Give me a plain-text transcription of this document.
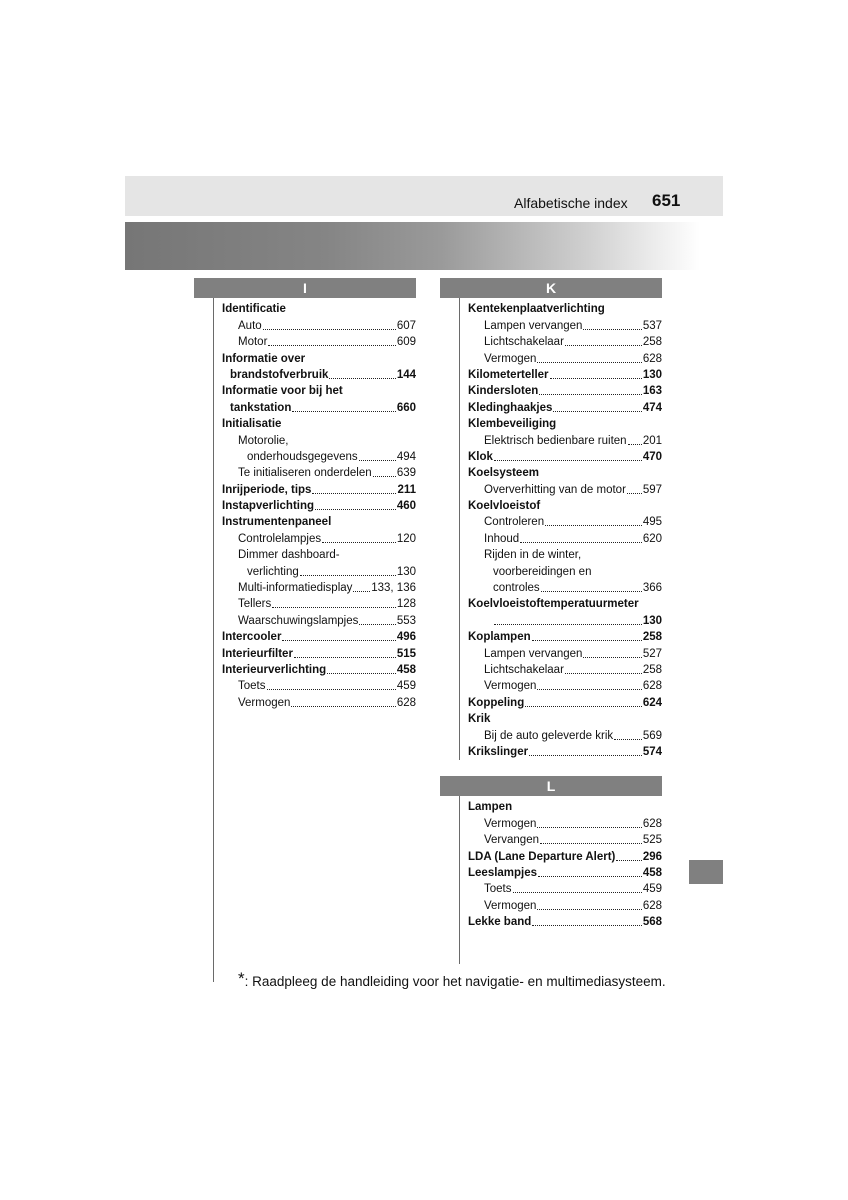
Alfabetische index 651
I
Identificatie
Auto	607
Motor	609
Informatie over
brandstofverbruik	144
Informatie voor bij het
tankstation	660
Initialisatie
Motorolie,
onderhoudsgegevens	494
Te initialiseren onderdelen 639
Inrijperiode, tips	211
Instapverlichting	460
Instrumentenpaneel
Controlelampjes	120
Dimmer dashboard-
verlichting	130
Multi-informatiedisplay 133, 136
Tellers	128
Waarschuwingslampjes	553
Intercooler	496
Interieurfilter	515
Interieurverlichting	458
Toets	459
Vermogen	628
K
Kentekenplaatverlichting
Lampen vervangen	537
Lichtschakelaar	258
Vermogen	628
Kilometerteller	130
Kindersloten	163
Kledinghaakjes	474
Klembeveiliging
Elektrisch bedienbare ruiten 201
Klok	470
Koelsysteem
Oververhitting van de motor 597
Koelvloeistof
Controleren	495
Inhoud	620
Rijden in de winter,
voorbereidingen en
controles	366
Koelvloeistoftemperatuurmeter
130
Koplampen	258
Lampen vervangen	527
Lichtschakelaar	258
Vermogen	628
Koppeling	624
Krik
Bij de auto geleverde krik	569
Krikslinger	574
L
Lampen
Vermogen	628
Vervangen	525
LDA (Lane Departure Alert) 296
Leeslampjes	458
Toets	459
Vermogen	628
Lekke band	568
*: Raadpleeg de handleiding voor het navigatie- en multimediasysteem.
